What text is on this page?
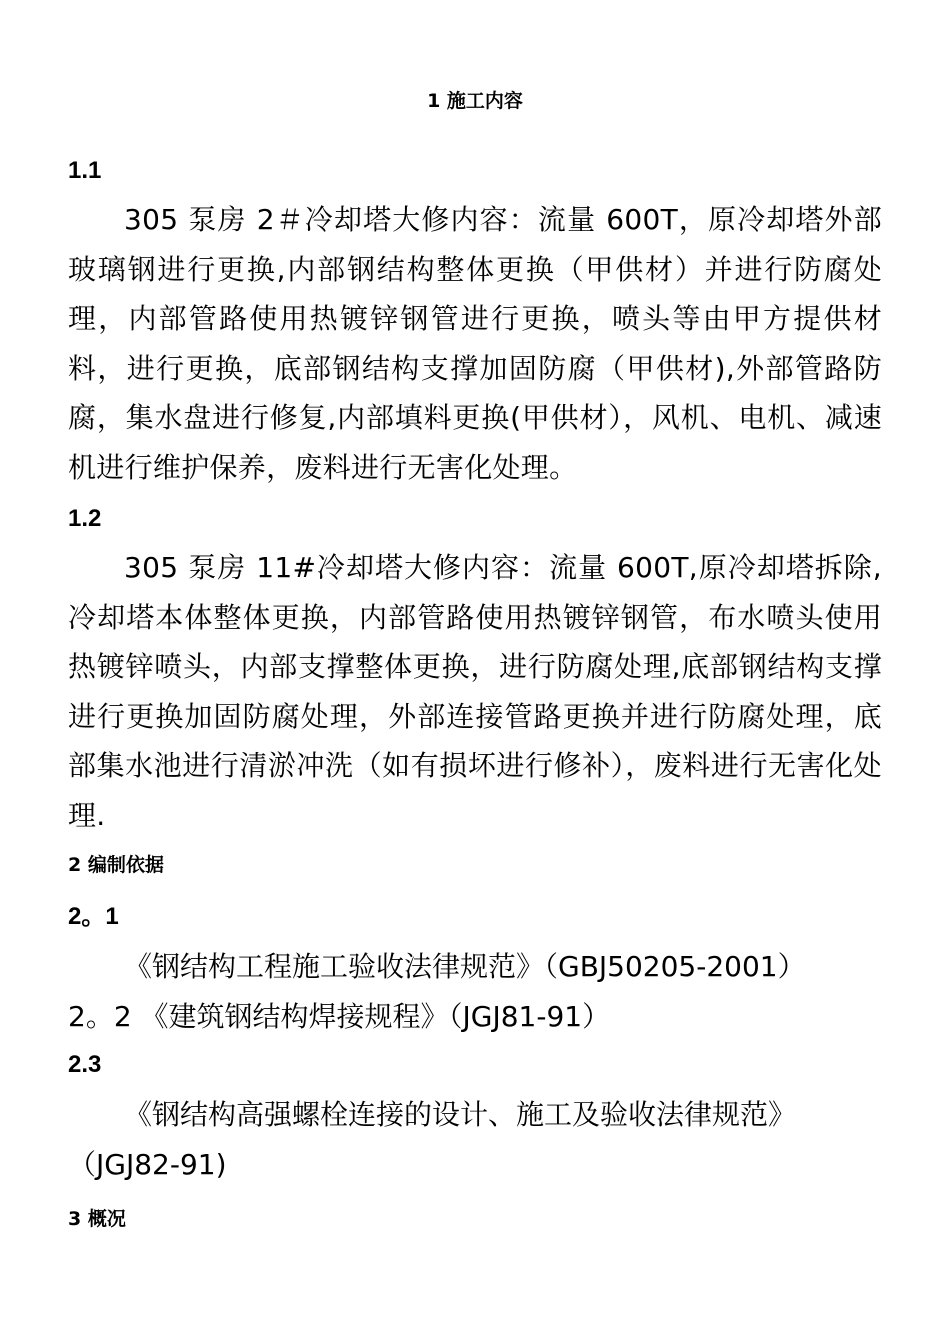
1 施工内容
1.1
305 泵房 2＃冷却塔大修内容：流量 600T，原冷却塔外部玻璃钢进行更换,内部钢结构整体更换（甲供材）并进行防腐处理，内部管路使用热镀锌钢管进行更换，喷头等由甲方提供材料，进行更换，底部钢结构支撑加固防腐（甲供材),外部管路防腐，集水盘进行修复,内部填料更换(甲供材），风机、电机、减速机进行维护保养，废料进行无害化处理。
1.2
305 泵房 11#冷却塔大修内容：流量 600T,原冷却塔拆除,冷却塔本体整体更换，内部管路使用热镀锌钢管，布水喷头使用热镀锌喷头，内部支撑整体更换，进行防腐处理,底部钢结构支撑进行更换加固防腐处理，外部连接管路更换并进行防腐处理，底部集水池进行清淤冲洗（如有损坏进行修补），废料进行无害化处理.
2 编制依据
2。1
《钢结构工程施工验收法律规范》（GBJ50205-2001）
2。2 《建筑钢结构焊接规程》（JGJ81-91）
2.3
《钢结构高强螺栓连接的设计、施工及验收法律规范》（JGJ82-91)
3 概况
